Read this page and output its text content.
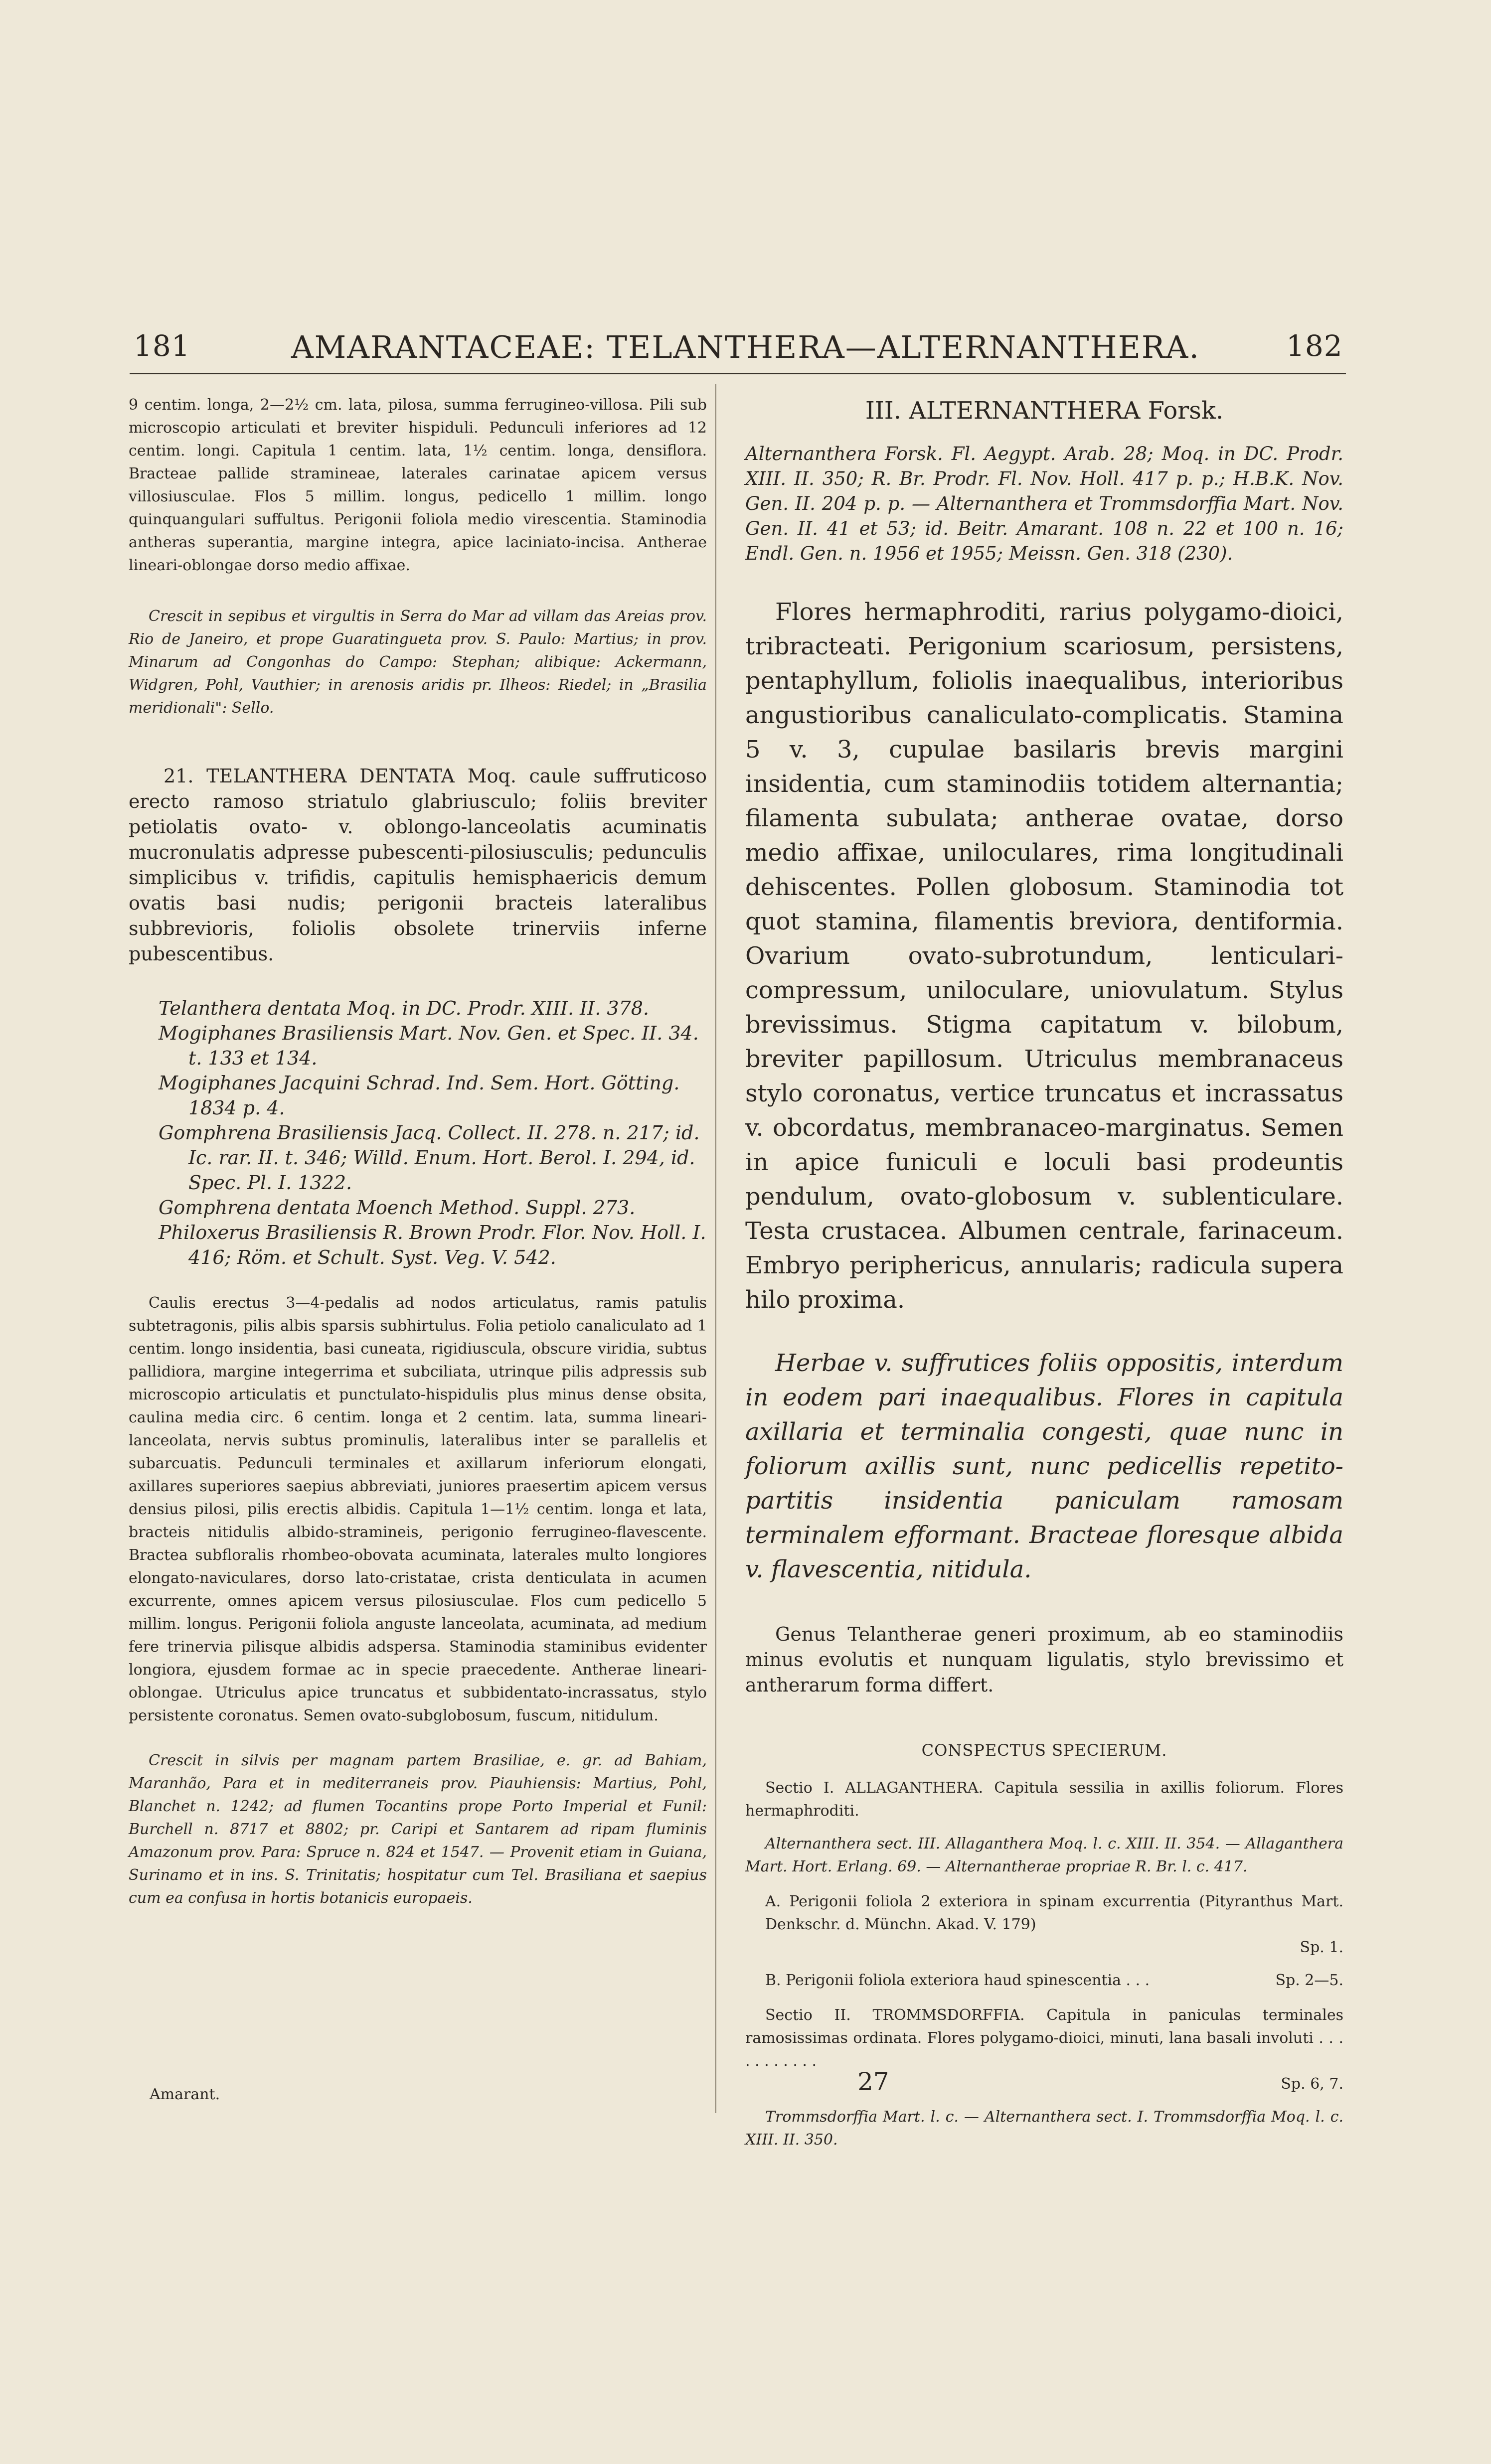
181	AMARANTACEAE: TELANTHERA—ALTERNANTHERA.	182

9 centim. longa, 2—2½ cm. lata, pilosa, summa ferrugineo-villosa. Pili sub microscopio articulati et breviter hispiduli. Pedunculi inferiores ad 12 centim. longi. Capitula 1 centim. lata, 1½ centim. longa, densiflora. Bracteae pallide stramineae, laterales carinatae apicem versus villosiusculae. Flos 5 millim. longus, pedicello 1 millim. longo quinquangulari suffultus. Perigonii foliola medio virescentia. Staminodia antheras superantia, margine integra, apice laciniato-incisa. Antherae lineari-oblongae dorso medio affixae.

Crescit in sepibus et virgultis in Serra do Mar ad villam das Areias prov. Rio de Janeiro, et prope Guaratingueta prov. S. Paulo: Martius; in prov. Minarum ad Congonhas do Campo: Stephan; alibique: Ackermann, Widgren, Pohl, Vauthier; in arenosis aridis pr. Ilheos: Riedel; in „Brasilia meridionali": Sello.

21. TELANTHERA DENTATA Moq. caule suffruticoso erecto ramoso striatulo glabriusculo; foliis breviter petiolatis ovato- v. oblongo-lanceolatis acuminatis mucronulatis adpresse pubescenti-pilosiusculis; pedunculis simplicibus v. trifidis, capitulis hemisphaericis demum ovatis basi nudis; perigonii bracteis lateralibus subbrevioris, foliolis obsolete trinerviis inferne pubescentibus.

Telanthera dentata Moq. in DC. Prodr. XIII. II. 378.

Mogiphanes Brasiliensis Mart. Nov. Gen. et Spec. II. 34. t. 133 et 134.

Mogiphanes Jacquini Schrad. Ind. Sem. Hort. Götting. 1834 p. 4.

Gomphrena Brasiliensis Jacq. Collect. II. 278. n. 217; id. Ic. rar. II. t. 346; Willd. Enum. Hort. Berol. I. 294, id. Spec. Pl. I. 1322.

Gomphrena dentata Moench Method. Suppl. 273.

Philoxerus Brasiliensis R. Brown Prodr. Flor. Nov. Holl. I. 416; Röm. et Schult. Syst. Veg. V. 542.

Caulis erectus 3—4-pedalis ad nodos articulatus, ramis patulis subtetragonis, pilis albis sparsis subhirtulus. Folia petiolo canaliculato ad 1 centim. longo insidentia, basi cuneata, rigidiuscula, obscure viridia, subtus pallidiora, margine integerrima et subciliata, utrinque pilis adpressis sub microscopio articulatis et punctulato-hispidulis plus minus dense obsita, caulina media circ. 6 centim. longa et 2 centim. lata, summa lineari-lanceolata, nervis subtus prominulis, lateralibus inter se parallelis et subarcuatis. Pedunculi terminales et axillarum inferiorum elongati, axillares superiores saepius abbreviati, juniores praesertim apicem versus densius pilosi, pilis erectis albidis. Capitula 1—1½ centim. longa et lata, bracteis nitidulis albido-stramineis, perigonio ferrugineo-flavescente. Bractea subfloralis rhombeo-obovata acuminata, laterales multo longiores elongato-naviculares, dorso lato-cristatae, crista denticulata in acumen excurrente, omnes apicem versus pilosiusculae. Flos cum pedicello 5 millim. longus. Perigonii foliola anguste lanceolata, acuminata, ad medium fere trinervia pilisque albidis adspersa. Staminodia staminibus evidenter longiora, ejusdem formae ac in specie praecedente. Antherae lineari-oblongae. Utriculus apice truncatus et subbidentato-incrassatus, stylo persistente coronatus. Semen ovato-subglobosum, fuscum, nitidulum.

Crescit in silvis per magnam partem Brasiliae, e. gr. ad Bahiam, Maranhão, Para et in mediterraneis prov. Piauhiensis: Martius, Pohl, Blanchet n. 1242; ad flumen Tocantins prope Porto Imperial et Funil: Burchell n. 8717 et 8802; pr. Caripi et Santarem ad ripam fluminis Amazonum prov. Para: Spruce n. 824 et 1547. — Provenit etiam in Guiana, Surinamo et in ins. S. Trinitatis; hospitatur cum Tel. Brasiliana et saepius cum ea confusa in hortis botanicis europaeis.

III. ALTERNANTHERA Forsk.

Alternanthera Forsk. Fl. Aegypt. Arab. 28; Moq. in DC. Prodr. XIII. II. 350; R. Br. Prodr. Fl. Nov. Holl. 417 p. p.; H.B.K. Nov. Gen. II. 204 p. p. — Alternanthera et Trommsdorffia Mart. Nov. Gen. II. 41 et 53; id. Beitr. Amarant. 108 n. 22 et 100 n. 16; Endl. Gen. n. 1956 et 1955; Meissn. Gen. 318 (230).

Flores hermaphroditi, rarius polygamo-dioici, tribracteati. Perigonium scariosum, persistens, pentaphyllum, foliolis inaequalibus, interioribus angustioribus canaliculato-complicatis. Stamina 5 v. 3, cupulae basilaris brevis margini insidentia, cum staminodiis totidem alternantia; filamenta subulata; antherae ovatae, dorso medio affixae, uniloculares, rima longitudinali dehiscentes. Pollen globosum. Staminodia tot quot stamina, filamentis breviora, dentiformia. Ovarium ovato-subrotundum, lenticulari-compressum, uniloculare, uniovulatum. Stylus brevissimus. Stigma capitatum v. bilobum, breviter papillosum. Utriculus membranaceus stylo coronatus, vertice truncatus et incrassatus v. obcordatus, membranaceo-marginatus. Semen in apice funiculi e loculi basi prodeuntis pendulum, ovato-globosum v. sublenticulare. Testa crustacea. Albumen centrale, farinaceum. Embryo periphericus, annularis; radicula supera hilo proxima.

Herbae v. suffrutices foliis oppositis, interdum in eodem pari inaequalibus. Flores in capitula axillaria et terminalia congesti, quae nunc in foliorum axillis sunt, nunc pedicellis repetito-partitis insidentia paniculam ramosam terminalem efformant. Bracteae floresque albida v. flavescentia, nitidula.

Genus Telantherae generi proximum, ab eo staminodiis minus evolutis et nunquam ligulatis, stylo brevissimo et antherarum forma differt.

CONSPECTUS SPECIERUM.

Sectio I. ALLAGANTHERA. Capitula sessilia in axillis foliorum. Flores hermaphroditi.

Alternanthera sect. III. Allaganthera Moq. l. c. XIII. II. 354. — Allaganthera Mart. Hort. Erlang. 69. — Alternantherae propriae R. Br. l. c. 417.

A. Perigonii foliola 2 exteriora in spinam excurrentia (Pityranthus Mart. Denkschr. d. Münchn. Akad. V. 179)

Sp. 1.
B. Perigonii foliola exteriora haud spinescentia . . .	Sp. 2—5.

Sectio II. TROMMSDORFFIA. Capitula in paniculas terminales ramosissimas ordinata. Flores polygamo-dioici, minuti, lana basali involuti . . . . . . . . . . .

Sp. 6, 7.

Trommsdorffia Mart. l. c. — Alternanthera sect. I. Trommsdorffia Moq. l. c. XIII. II. 350.

Amarant.	27
